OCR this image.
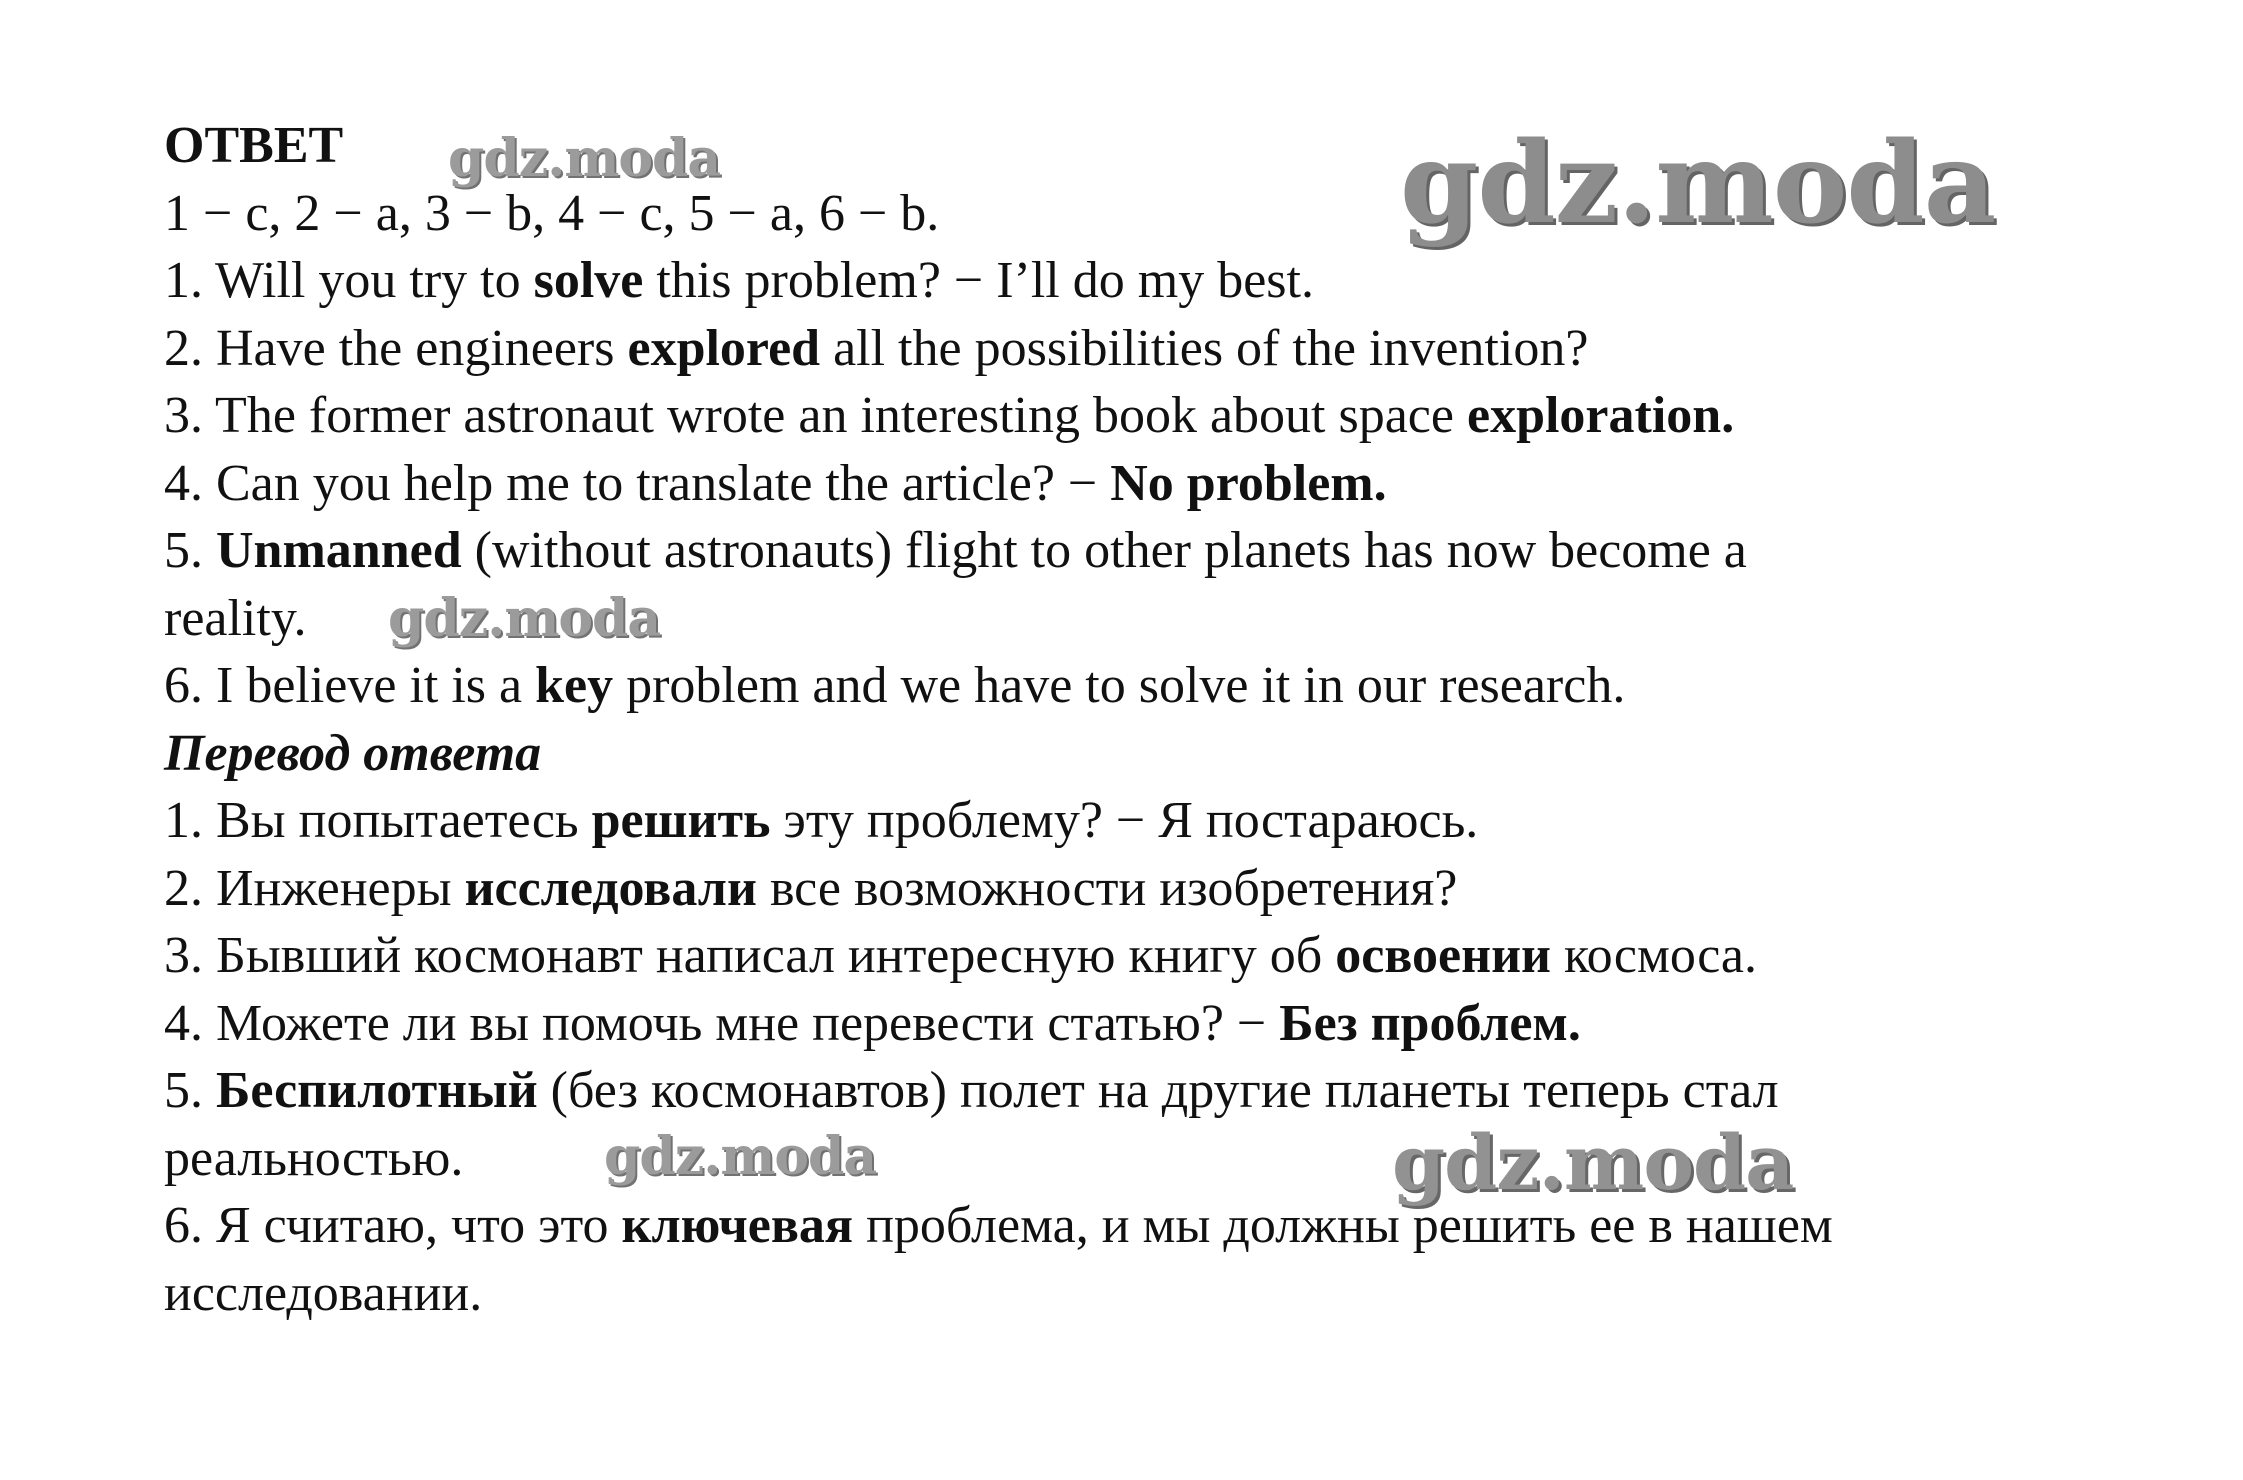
ОТВЕТ
1 − c, 2 − a, 3 − b, 4 − c, 5 − a, 6 − b.
1. Will you try to solve this problem? − I’ll do my best.
2. Have the engineers explored all the possibilities of the invention?
3. The former astronaut wrote an interesting book about space exploration.
4. Can you help me to translate the article? − No problem.
5. Unmanned (without astronauts) flight to other planets has now become a
reality.
6. I believe it is a key problem and we have to solve it in our research.
Перевод ответа
1. Вы попытаетесь решить эту проблему? − Я постараюсь.
2. Инженеры исследовали все возможности изобретения?
3. Бывший космонавт написал интересную книгу об освоении космоса.
4. Можете ли вы помочь мне перевести статью? − Без проблем.
5. Беспилотный (без космонавтов) полет на другие планеты теперь стал
реальностью.
6. Я считаю, что это ключевая проблема, и мы должны решить ее в нашем
исследовании.
gdz.moda	gdz.moda
gdz.moda
gdz.moda	gdz.moda
